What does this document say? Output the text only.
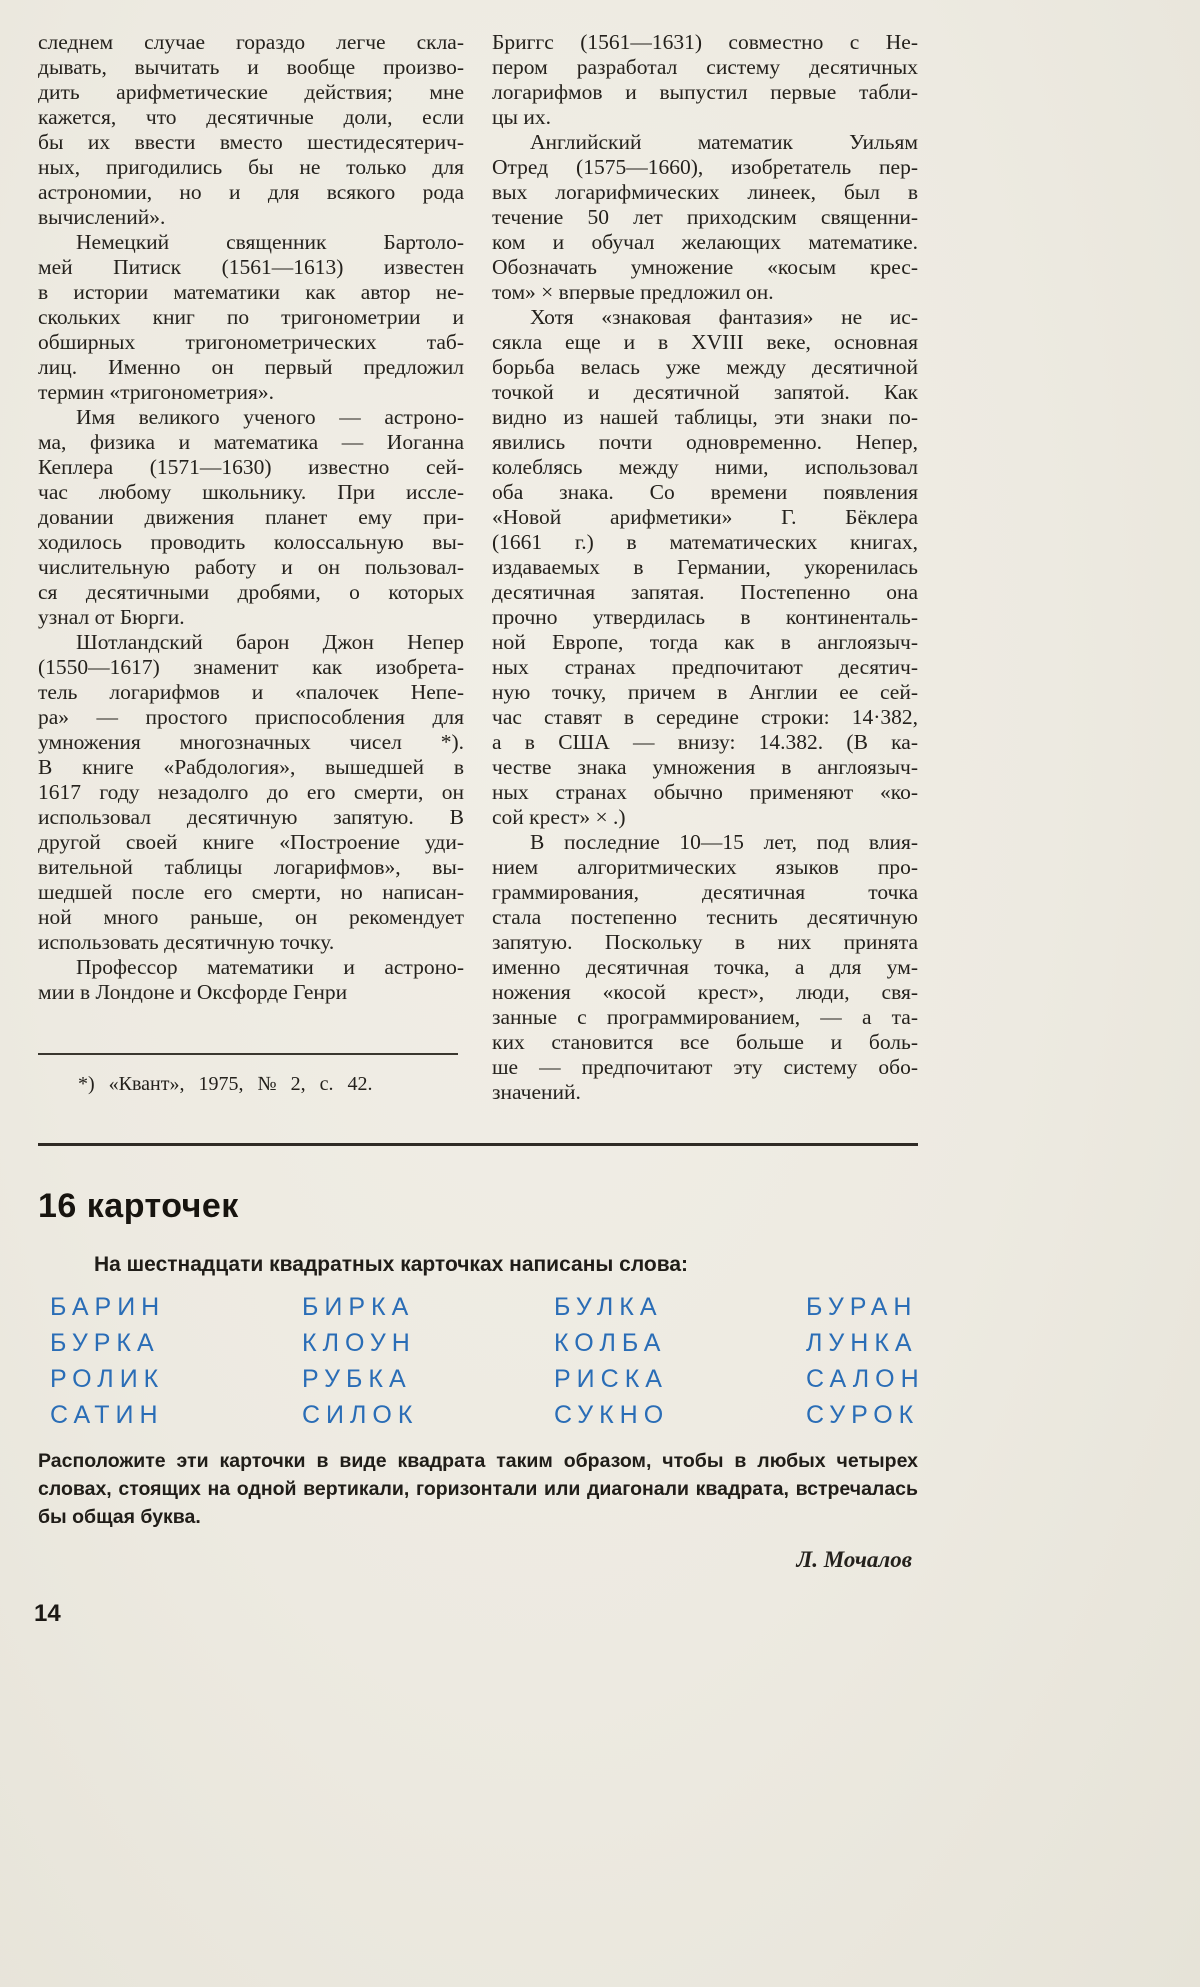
следнем случае гораздо легче скла-
дывать, вычитать и вообще произво-
дить арифметические действия; мне
кажется, что десятичные доли, если
бы их ввести вместо шестидесятерич-
ных, пригодились бы не только для
астрономии, но и для всякого рода
вычислений».
Немецкий священник Бартоло-
мей Питиск (1561—1613) известен
в истории математики как автор не-
скольких книг по тригонометрии и
обширных тригонометрических таб-
лиц. Именно он первый предложил
термин «тригонометрия».
Имя великого ученого — астроно-
ма, физика и математика — Иоганна
Кеплера (1571—1630) известно сей-
час любому школьнику. При иссле-
довании движения планет ему при-
ходилось проводить колоссальную вы-
числительную работу и он пользовал-
ся десятичными дробями, о которых
узнал от Бюрги.
Шотландский барон Джон Непер
(1550—1617) знаменит как изобрета-
тель логарифмов и «палочек Непе-
ра» — простого приспособления для
умножения многозначных чисел *).
В книге «Рабдология», вышедшей в
1617 году незадолго до его смерти, он
использовал десятичную запятую. В
другой своей книге «Построение уди-
вительной таблицы логарифмов», вы-
шедшей после его смерти, но написан-
ной много раньше, он рекомендует
использовать десятичную точку.
Профессор математики и астроно-
мии в Лондоне и Оксфорде Генри
*) «Квант», 1975, № 2, с. 42.
Бриггс (1561—1631) совместно с Не-
пером разработал систему десятичных
логарифмов и выпустил первые табли-
цы их.
Английский математик Уильям
Отред (1575—1660), изобретатель пер-
вых логарифмических линеек, был в
течение 50 лет приходским священни-
ком и обучал желающих математике.
Обозначать умножение «косым крес-
том» × впервые предложил он.
Хотя «знаковая фантазия» не ис-
сякла еще и в XVIII веке, основная
борьба велась уже между десятичной
точкой и десятичной запятой. Как
видно из нашей таблицы, эти знаки по-
явились почти одновременно. Непер,
колеблясь между ними, использовал
оба знака. Со времени появления
«Новой арифметики» Г. Бёклера
(1661 г.) в математических книгах,
издаваемых в Германии, укоренилась
десятичная запятая. Постепенно она
прочно утвердилась в континенталь-
ной Европе, тогда как в англоязыч-
ных странах предпочитают десятич-
ную точку, причем в Англии ее сей-
час ставят в середине строки: 14·382,
а в США — внизу: 14.382. (В ка-
честве знака умножения в англоязыч-
ных странах обычно применяют «ко-
сой крест» × .)
В последние 10—15 лет, под влия-
нием алгоритмических языков про-
граммирования, десятичная точка
стала постепенно теснить десятичную
запятую. Поскольку в них принята
именно десятичная точка, а для ум-
ножения «косой крест», люди, свя-
занные с программированием, — а та-
ких становится все больше и боль-
ше — предпочитают эту систему обо-
значений.
16 карточек
На шестнадцати квадратных карточках написаны слова:
БАРИН	БИРКА	БУЛКА	БУРАН
БУРКА	КЛОУН	КОЛБА	ЛУНКА
РОЛИК	РУБКА	РИСКА	САЛОН
САТИН	СИЛОК	СУКНО	СУРОК
Расположите эти карточки в виде квадрата таким образом, чтобы в любых четырех
словах, стоящих на одной вертикали, горизонтали или диагонали квадрата, встречалась
бы общая буква.
Л. Мочалов
14
